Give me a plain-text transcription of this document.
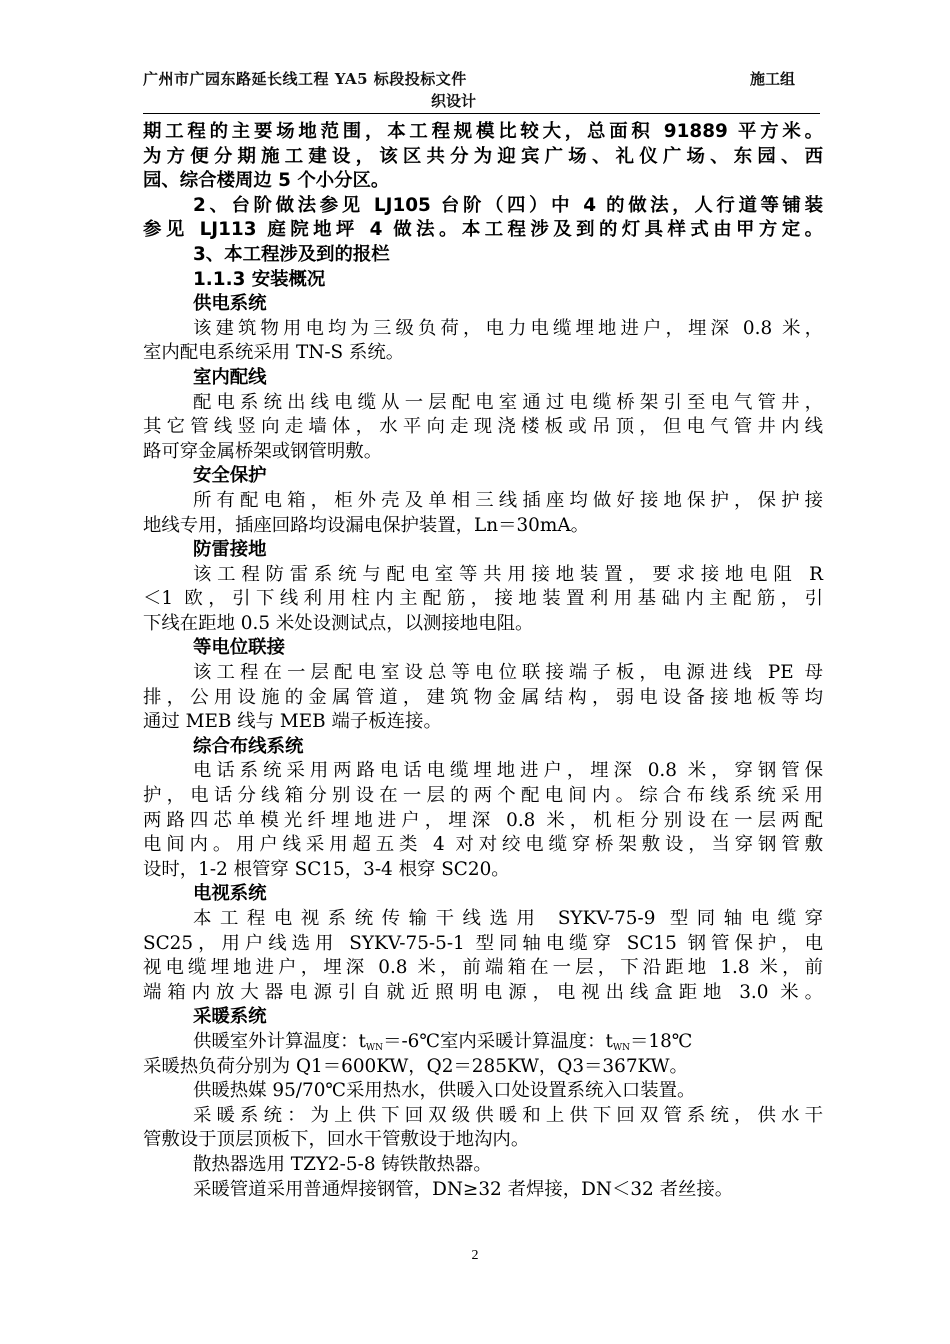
广州市广园东路延长线工程 YA5 标段投标文件	施工组
织设计
期工程的主要场地范围，本工程规模比较大，总面积 91889 平方米。
为方便分期施工建设，该区共分为迎宾广场、礼仪广场、东园、西
园、综合楼周边 5 个小分区。
2、台阶做法参见 LJ105 台阶（四）中 4 的做法，人行道等铺装
参见 LJ113 庭院地坪 4 做法。本工程涉及到的灯具样式由甲方定。
3、本工程涉及到的报栏
1.1.3 安装概况
供电系统
该建筑物用电均为三级负荷，电力电缆埋地进户，埋深 0.8 米，
室内配电系统采用 TN-S 系统。
室内配线
配电系统出线电缆从一层配电室通过电缆桥架引至电气管井，
其它管线竖向走墙体，水平向走现浇楼板或吊顶，但电气管井内线
路可穿金属桥架或钢管明敷。
安全保护
所有配电箱，柜外壳及单相三线插座均做好接地保护，保护接
地线专用，插座回路均设漏电保护装置，Ln＝30mA。
防雷接地
该工程防雷系统与配电室等共用接地装置，要求接地电阻 R
＜1 欧，引下线利用柱内主配筋，接地装置利用基础内主配筋，引
下线在距地 0.5 米处设测试点，以测接地电阻。
等电位联接
该工程在一层配电室设总等电位联接端子板，电源进线 PE 母
排，公用设施的金属管道，建筑物金属结构，弱电设备接地板等均
通过 MEB 线与 MEB 端子板连接。
综合布线系统
电话系统采用两路电话电缆埋地进户，埋深 0.8 米，穿钢管保
护，电话分线箱分别设在一层的两个配电间内。综合布线系统采用
两路四芯单模光纤埋地进户，埋深 0.8 米，机柜分别设在一层两配
电间内。用户线采用超五类 4 对对绞电缆穿桥架敷设，当穿钢管敷
设时，1-2 根管穿 SC15，3-4 根穿 SC20。
电视系统
本工程电视系统传输干线选用 SYKV-75-9 型同轴电缆穿
SC25，用户线选用 SYKV-75-5-1 型同轴电缆穿 SC15 钢管保护，电
视电缆埋地进户，埋深 0.8 米，前端箱在一层，下沿距地 1.8 米，前
端箱内放大器电源引自就近照明电源，电视出线盒距地 3.0 米。
采暖系统
供暖室外计算温度：$t_{WN}=-6℃$室内采暖计算温度：$t_{WN}=18℃$
采暖热负荷分别为 Q1＝600KW，Q2＝285KW，Q3＝367KW。
供暖热媒 95/70℃采用热水，供暖入口处设置系统入口装置。
采暖系统：为上供下回双级供暖和上供下回双管系统，供水干
管敷设于顶层顶板下，回水干管敷设于地沟内。
散热器选用 TZY2-5-8 铸铁散热器。
采暖管道采用普通焊接钢管，DN≥32 者焊接，DN＜32 者丝接。
2
